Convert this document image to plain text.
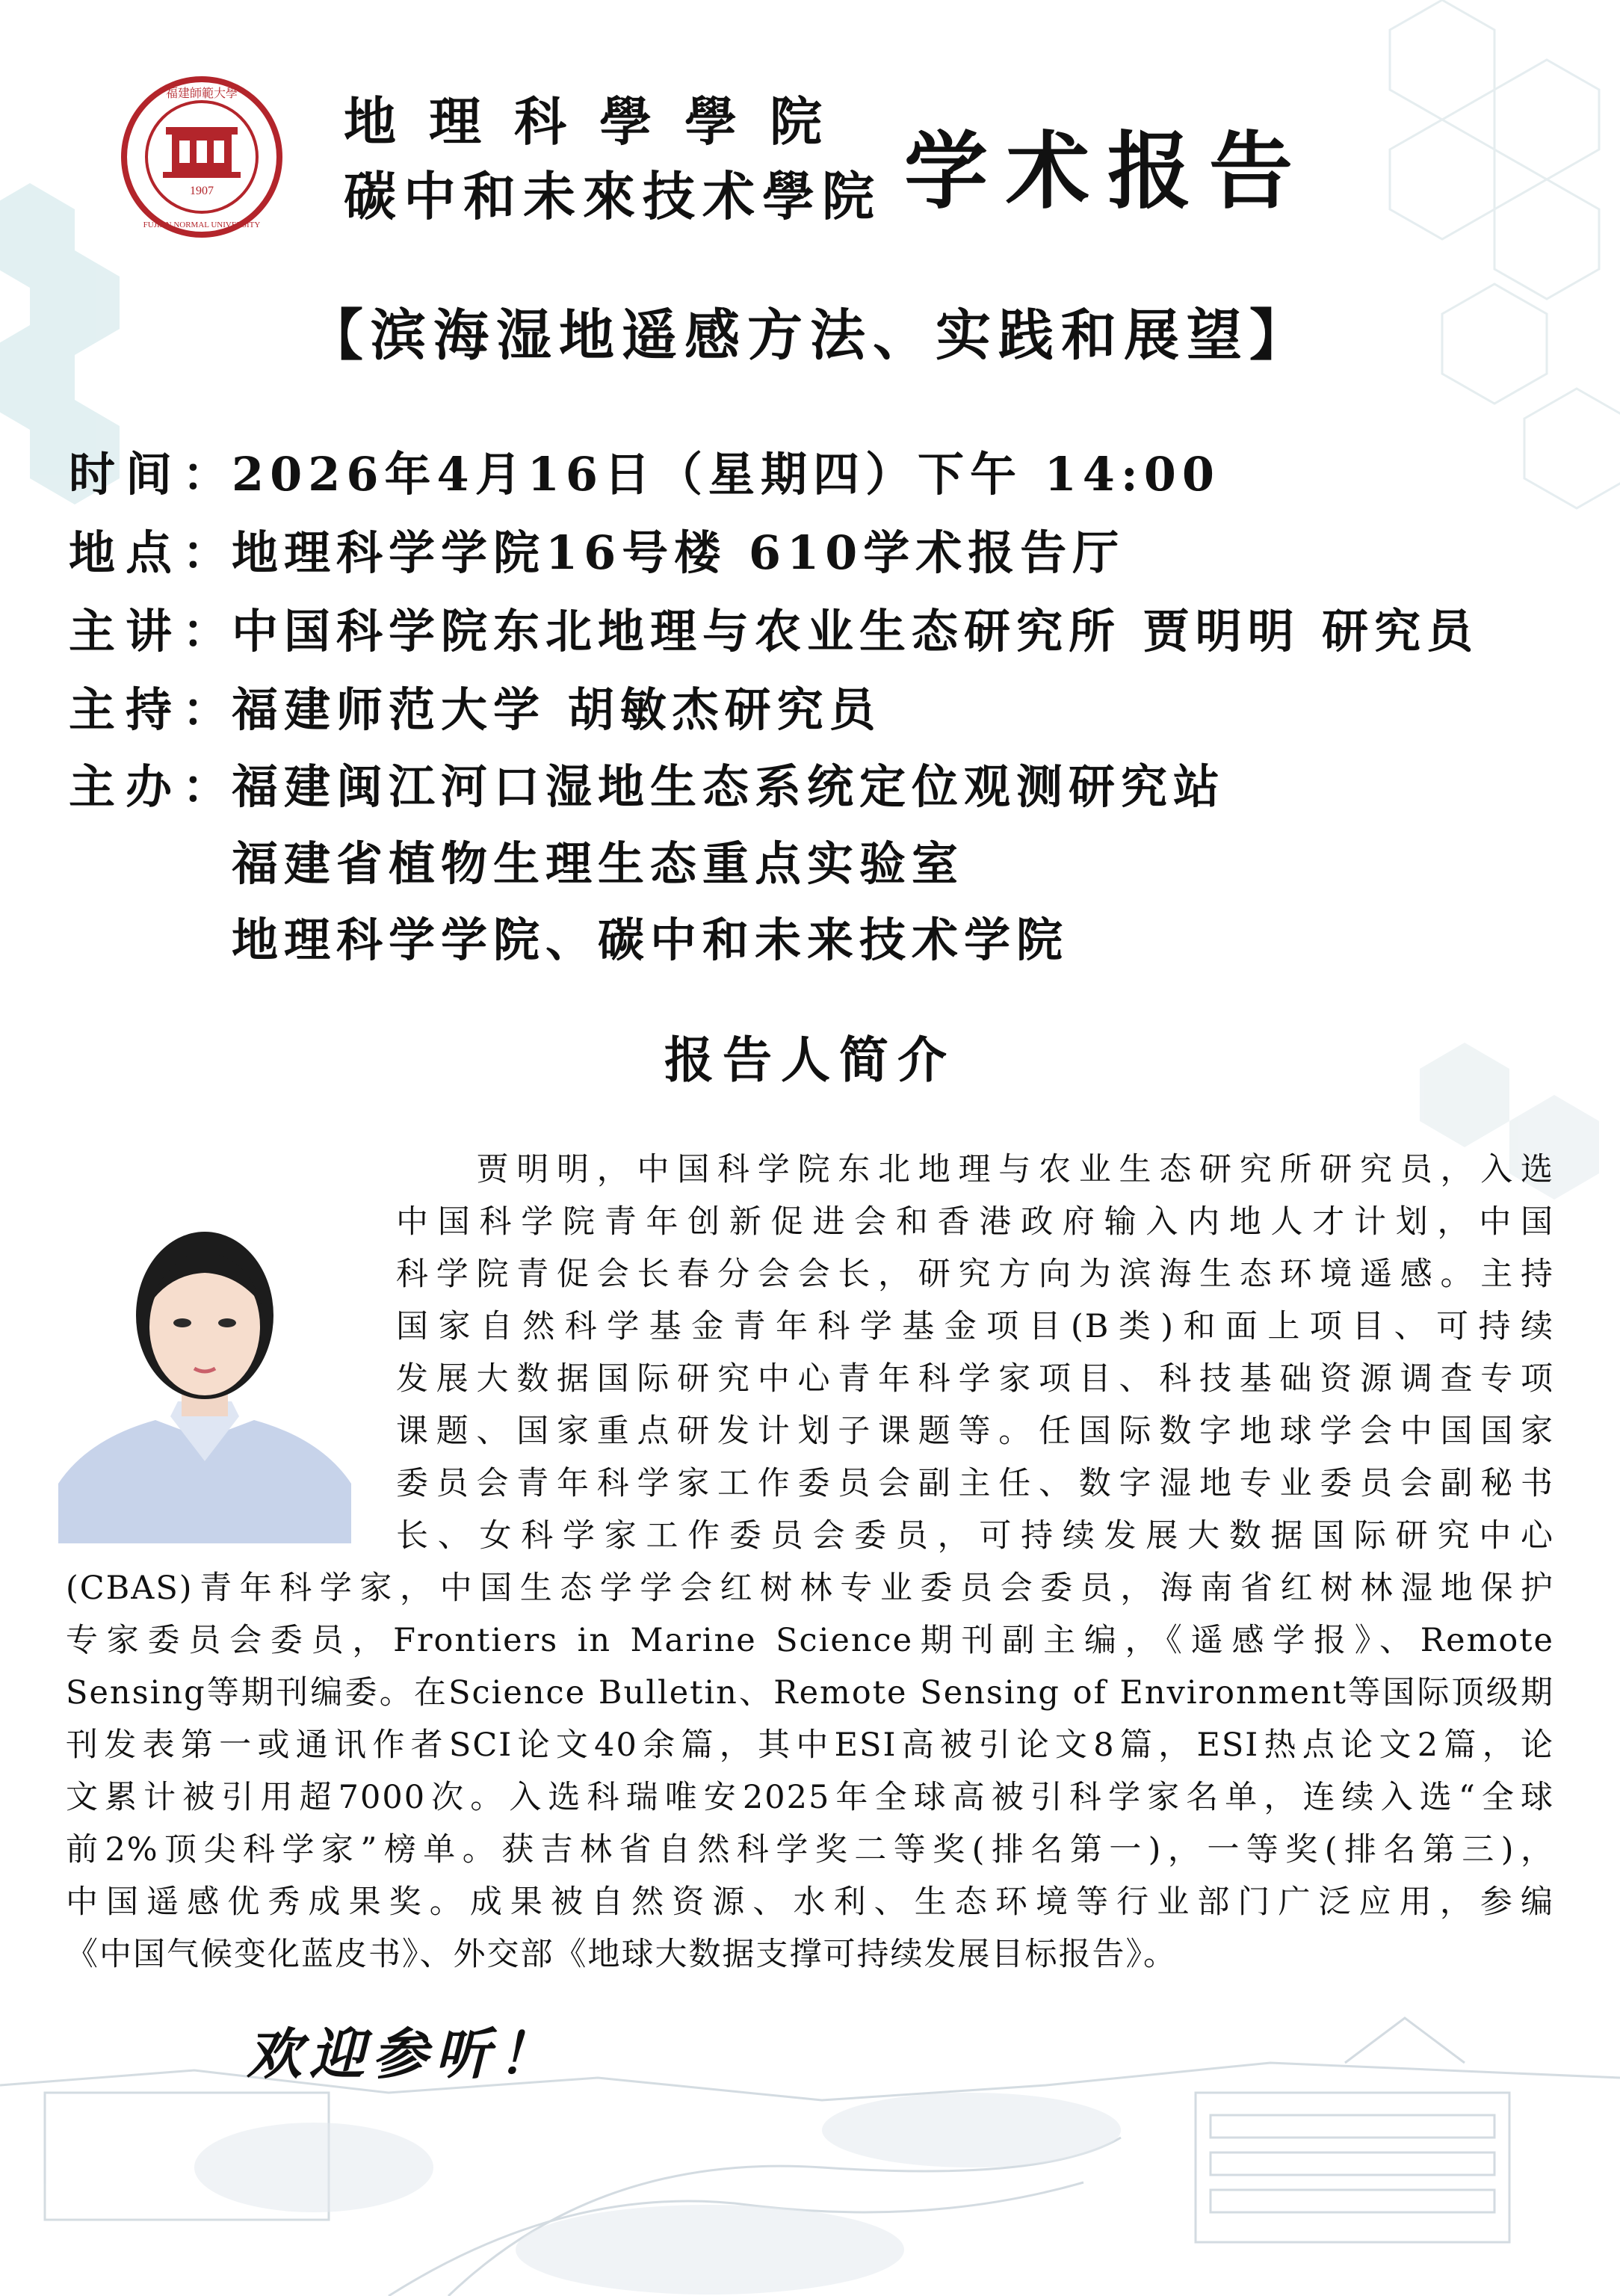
1907
福建師範大學
FUJIAN NORMAL UNIVERSITY
地理科學學院
碳中和未來技术學院 学术报告
【滨海湿地遥感方法、实践和展望】
时间：
2026年4月16日（星期四）下午 14:00
地点：
地理科学学院16号楼 610学术报告厅
主讲：
中国科学院东北地理与农业生态研究所 贾明明 研究员
主持：
福建师范大学 胡敏杰研究员
主办：
福建闽江河口湿地生态系统定位观测研究站
福建省植物生理生态重点实验室
地理科学学院、碳中和未来技术学院
报告人简介
　　贾明明，中国科学院东北地理与农业生态研究所研究员，入选
中国科学院青年创新促进会和香港政府输入内地人才计划，中国
科学院青促会长春分会会长，研究方向为滨海生态环境遥感。主持
国家自然科学基金青年科学基金项目(B类)和面上项目、可持续
发展大数据国际研究中心青年科学家项目、科技基础资源调查专项
课题、国家重点研发计划子课题等。任国际数字地球学会中国国家
委员会青年科学家工作委员会副主任、数字湿地专业委员会副秘书
长、女科学家工作委员会委员，可持续发展大数据国际研究中心
(CBAS)青年科学家，中国生态学学会红树林专业委员会委员，海南省红树林湿地保护
专家委员会委员，Frontiers in Marine Science期刊副主编，《遥感学报》、Remote
Sensing等期刊编委。在Science Bulletin、Remote Sensing of Environment等国际顶级期
刊发表第一或通讯作者SCI论文40余篇，其中ESI高被引论文8篇，ESI热点论文2篇，论
文累计被引用超7000次。入选科瑞唯安2025年全球高被引科学家名单，连续入选“全球
前2%顶尖科学家”榜单。获吉林省自然科学奖二等奖(排名第一)，一等奖(排名第三)，
中国遥感优秀成果奖。成果被自然资源、水利、生态环境等行业部门广泛应用，参编
《中国气候变化蓝皮书》、外交部《地球大数据支撑可持续发展目标报告》。
欢迎参听！
